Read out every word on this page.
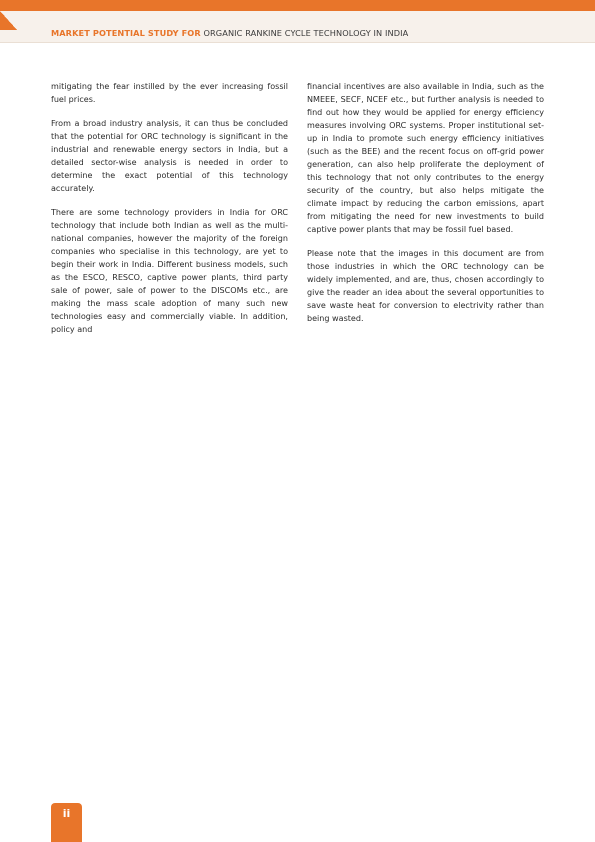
MARKET POTENTIAL STUDY FOR ORGANIC RANKINE CYCLE TECHNOLOGY IN INDIA

mitigating the fear instilled by the ever increasing fossil fuel prices.

From a broad industry analysis, it can thus be concluded that the potential for ORC technology is significant in the industrial and renewable energy sectors in India, but a detailed sector-wise analysis is needed in order to determine the exact potential of this technology accurately.

There are some technology providers in India for ORC technology that include both Indian as well as the multi-national companies, however the majority of the foreign companies who specialise in this technology, are yet to begin their work in India. Different business models, such as the ESCO, RESCO, captive power plants, third party sale of power, sale of power to the DISCOMs etc., are making the mass scale adoption of many such new technologies easy and commercially viable. In addition, policy and

financial incentives are also available in India, such as the NMEEE, SECF, NCEF etc., but further analysis is needed to find out how they would be applied for energy efficiency measures involving ORC systems. Proper institutional set-up in India to promote such energy efficiency initiatives (such as the BEE) and the recent focus on off-grid power generation, can also help proliferate the deployment of this technology that not only contributes to the energy security of the country, but also helps mitigate the climate impact by reducing the carbon emissions, apart from mitigating the need for new investments to build captive power plants that may be fossil fuel based.

Please note that the images in this document are from those industries in which the ORC technology can be widely implemented, and are, thus, chosen accordingly to give the reader an idea about the several opportunities to save waste heat for conversion to electrivity rather than being wasted.

ii
